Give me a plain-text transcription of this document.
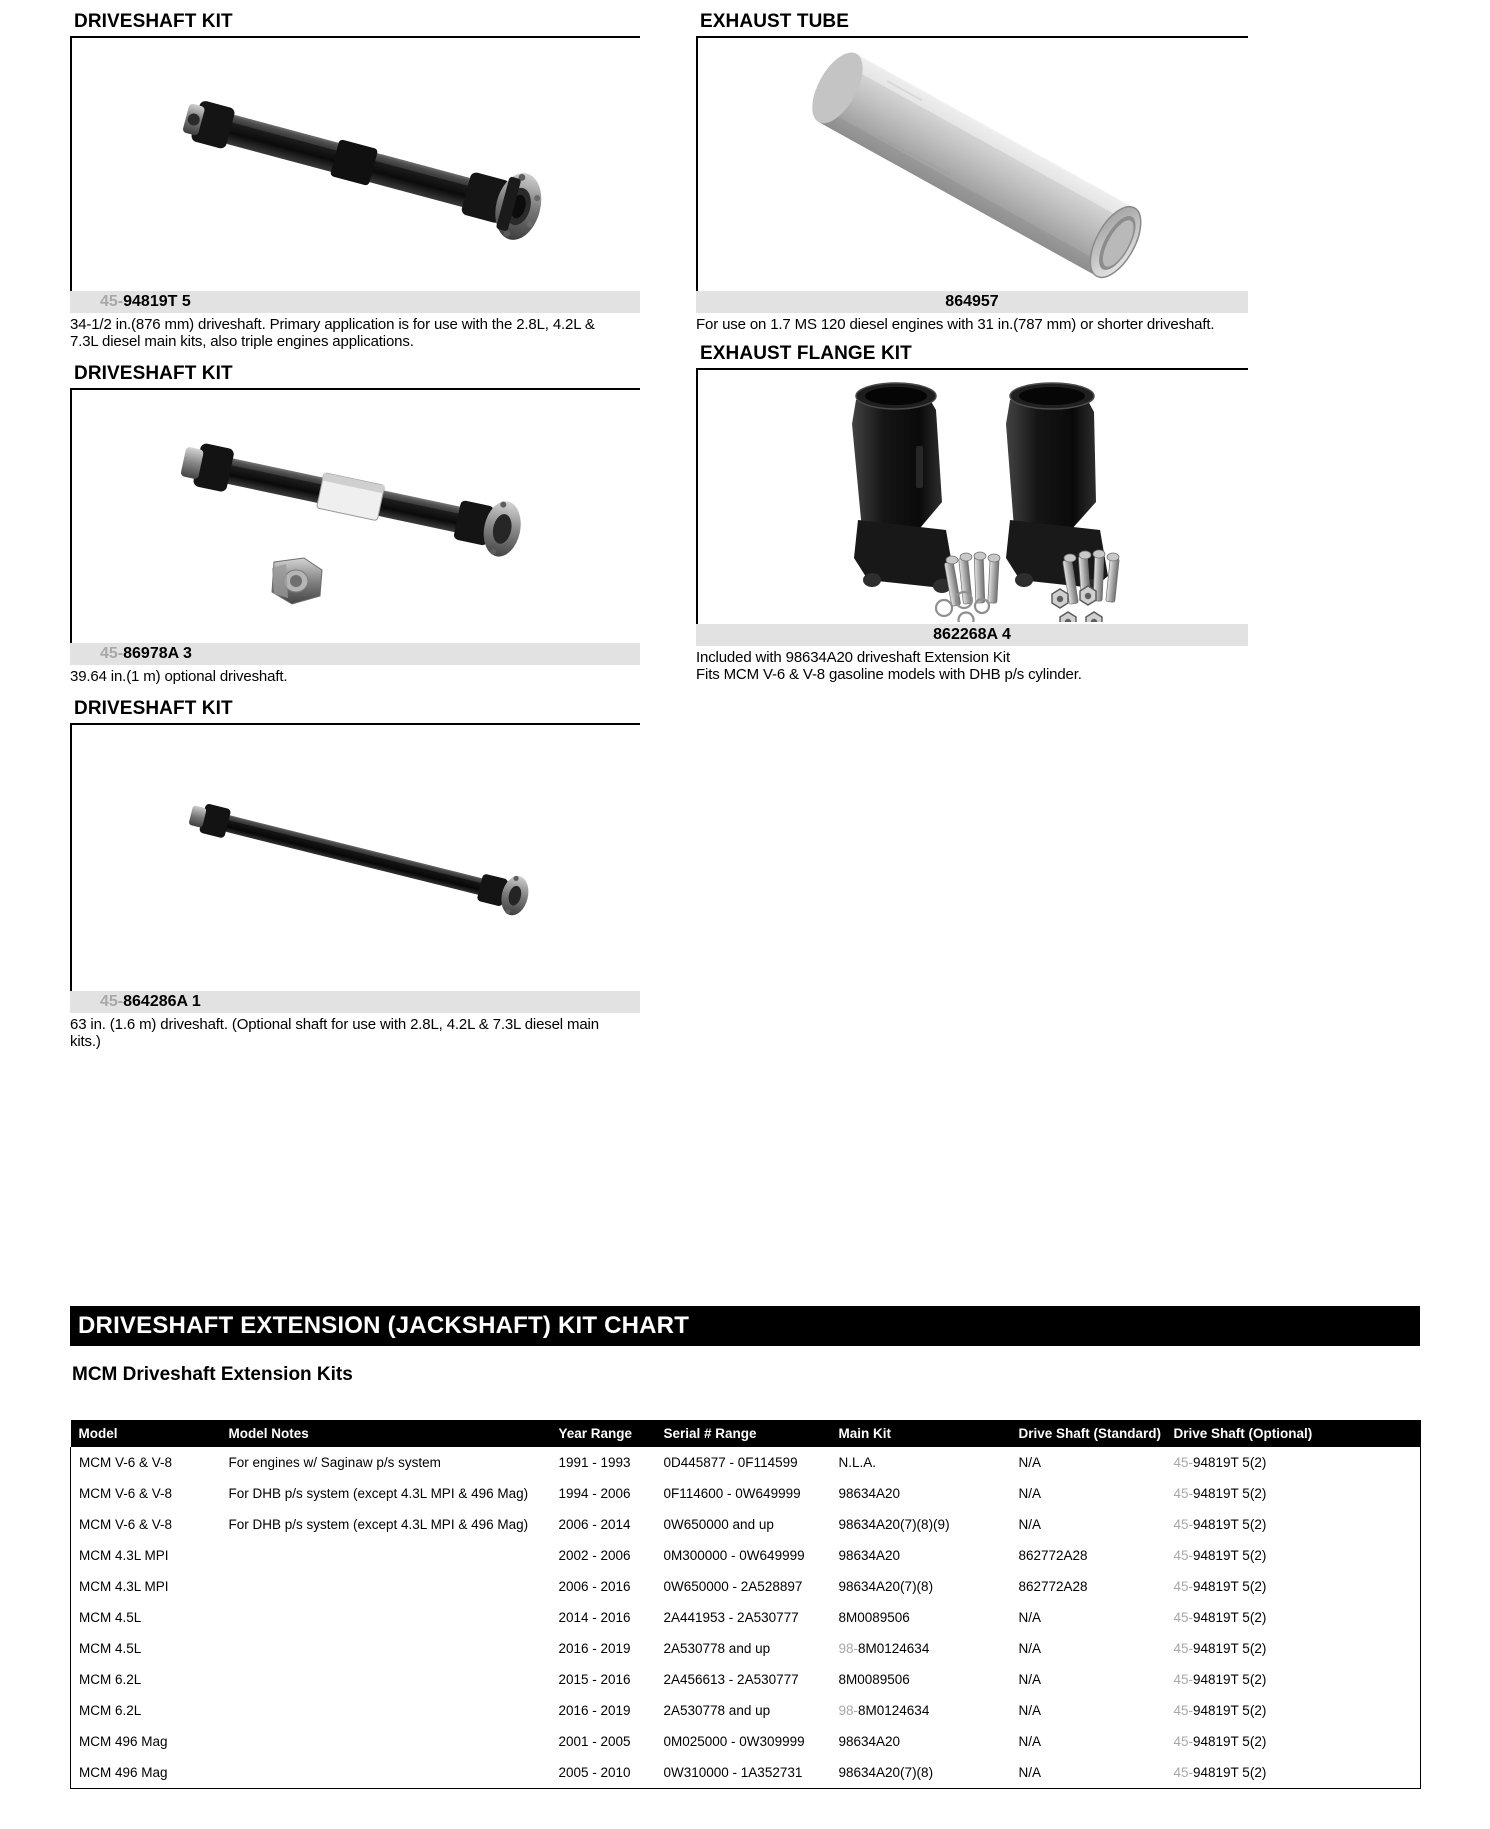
DRIVESHAFT KIT
45-94819T 5
34-1/2 in.(876 mm) driveshaft. Primary application is for use with the 2.8L, 4.2L &
7.3L diesel main kits, also triple engines applications.
DRIVESHAFT KIT
45-86978A 3
39.64 in.(1 m) optional driveshaft.
DRIVESHAFT KIT
45-864286A 1
63 in. (1.6 m) driveshaft. (Optional shaft for use with 2.8L, 4.2L & 7.3L diesel main
kits.)
EXHAUST TUBE
864957
For use on 1.7 MS 120 diesel engines with 31 in.(787 mm) or shorter driveshaft.
EXHAUST FLANGE KIT
862268A 4
Included with 98634A20 driveshaft Extension Kit
Fits MCM V-6 & V-8 gasoline models with DHB p/s cylinder.
DRIVESHAFT EXTENSION (JACKSHAFT) KIT CHART
MCM Driveshaft Extension Kits
Model	Model Notes	Year Range	Serial # Range	Main Kit	Drive Shaft (Standard)	Drive Shaft (Optional)
MCM V-6 & V-8	For engines w/ Saginaw p/s system	1991 - 1993	0D445877 - 0F114599	N.L.A.	N/A	45-94819T 5(2)
MCM V-6 & V-8	For DHB p/s system (except 4.3L MPI & 496 Mag)	1994 - 2006	0F114600 - 0W649999	98634A20	N/A	45-94819T 5(2)
MCM V-6 & V-8	For DHB p/s system (except 4.3L MPI & 496 Mag)	2006 - 2014	0W650000 and up	98634A20(7)(8)(9)	N/A	45-94819T 5(2)
MCM 4.3L MPI		2002 - 2006	0M300000 - 0W649999	98634A20	862772A28	45-94819T 5(2)
MCM 4.3L MPI		2006 - 2016	0W650000 - 2A528897	98634A20(7)(8)	862772A28	45-94819T 5(2)
MCM 4.5L		2014 - 2016	2A441953 - 2A530777	8M0089506	N/A	45-94819T 5(2)
MCM 4.5L		2016 - 2019	2A530778 and up	98-8M0124634	N/A	45-94819T 5(2)
MCM 6.2L		2015 - 2016	2A456613 - 2A530777	8M0089506	N/A	45-94819T 5(2)
MCM 6.2L		2016 - 2019	2A530778 and up	98-8M0124634	N/A	45-94819T 5(2)
MCM 496 Mag		2001 - 2005	0M025000 - 0W309999	98634A20	N/A	45-94819T 5(2)
MCM 496 Mag		2005 - 2010	0W310000 - 1A352731	98634A20(7)(8)	N/A	45-94819T 5(2)
